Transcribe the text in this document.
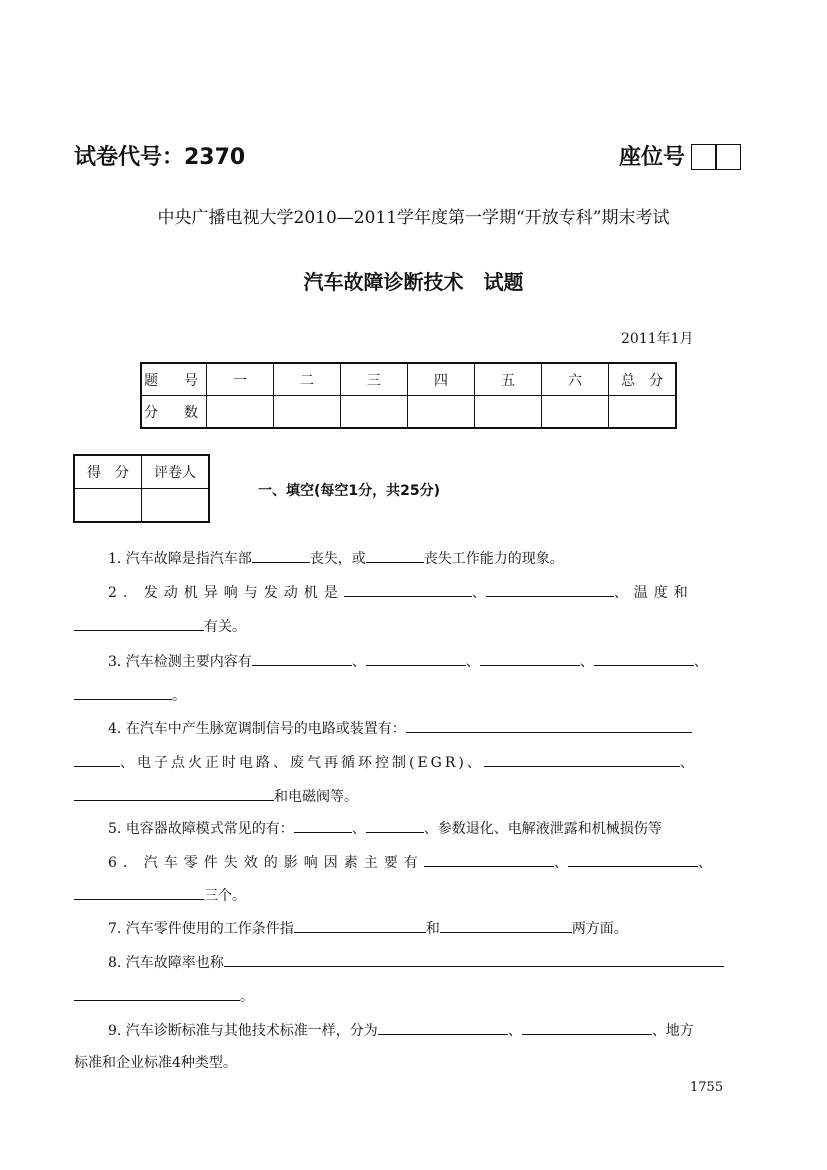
试卷代号：2370	座位号
中央广播电视大学2010—2011学年度第一学期“开放专科”期末考试
汽车故障诊断技术　试题
2011年1月
题　号	一	二	三	四	五	六	总　分
分　数							
得　分	评卷人

一、填空(每空1分，共25分)
1. 汽车故障是指汽车部	丧失，或	丧失工作能力的现象。
2. 发动机异响与发动机是	、	、温度和
有关。
3. 汽车检测主要内容有	、	、	、	、
。
4. 在汽车中产生脉宽调制信号的电路或装置有：
、电子点火正时电路、废气再循环控制(EGR)、	、
和电磁阀等。
5. 电容器故障模式常见的有：	、	、参数退化、电解液泄露和机械损伤等
6. 汽车零件失效的影响因素主要有	、	、
三个。
7. 汽车零件使用的工作条件指	和	两方面。
8. 汽车故障率也称
。
9. 汽车诊断标准与其他技术标准一样，分为	、	、地方
标准和企业标准4种类型。
1755
